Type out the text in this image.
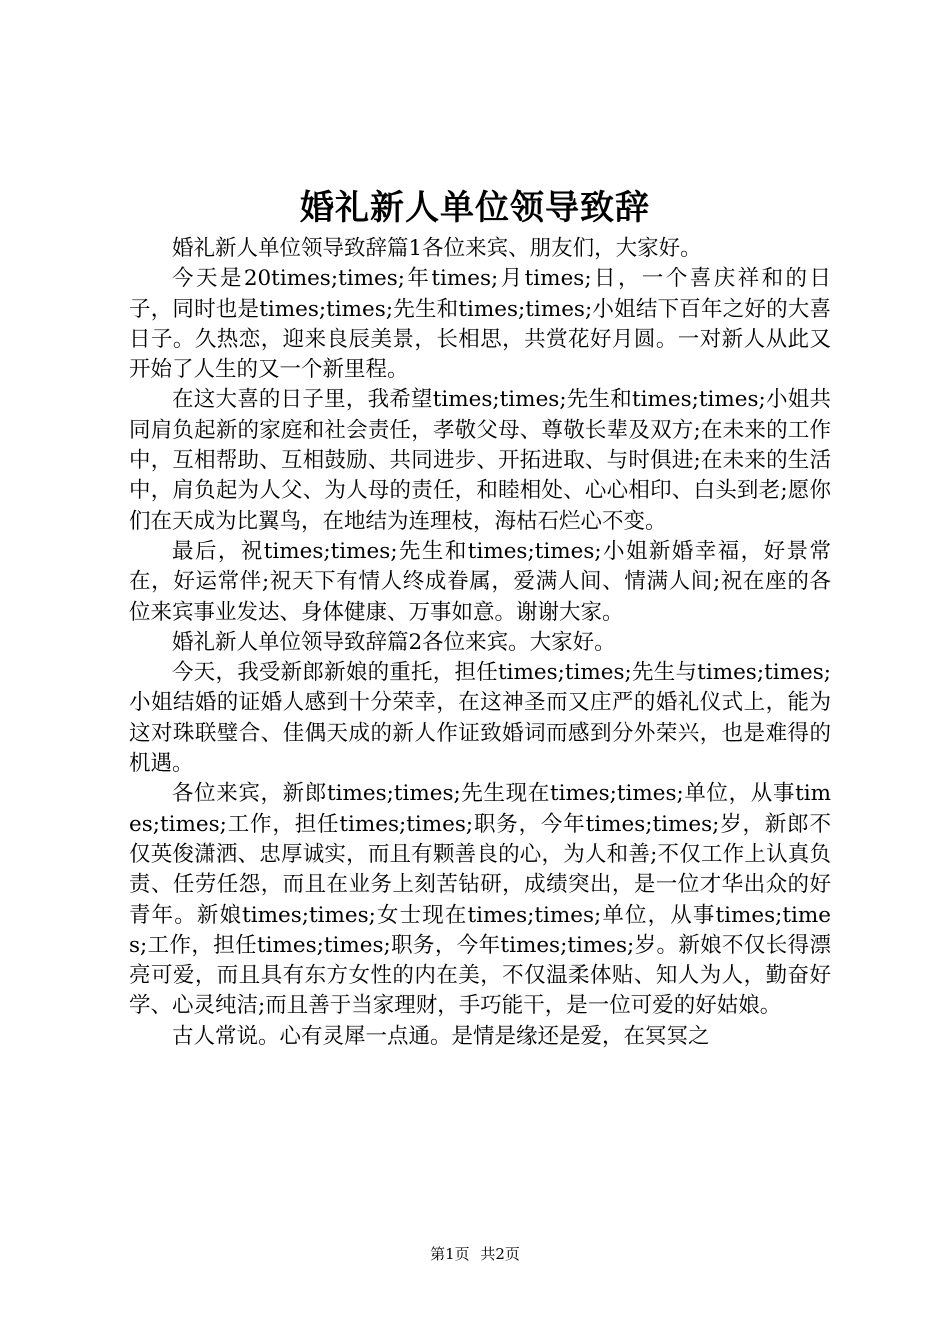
婚礼新人单位领导致辞

婚礼新人单位领导致辞篇1各位来宾、朋友们，大家好。

今天是20times;times;年times;月times;日，一个喜庆祥和的日子，同时也是times;times;先生和times;times;小姐结下百年之好的大喜日子。久热恋，迎来良辰美景，长相思，共赏花好月圆。一对新人从此又开始了人生的又一个新里程。

在这大喜的日子里，我希望times;times;先生和times;times;小姐共同肩负起新的家庭和社会责任，孝敬父母、尊敬长辈及双方;在未来的工作中，互相帮助、互相鼓励、共同进步、开拓进取、与时俱进;在未来的生活中，肩负起为人父、为人母的责任，和睦相处、心心相印、白头到老;愿你们在天成为比翼鸟，在地结为连理枝，海枯石烂心不变。

最后，祝times;times;先生和times;times;小姐新婚幸福，好景常在，好运常伴;祝天下有情人终成眷属，爱满人间、情满人间;祝在座的各位来宾事业发达、身体健康、万事如意。谢谢大家。

婚礼新人单位领导致辞篇2各位来宾。大家好。

今天，我受新郎新娘的重托，担任times;times;先生与times;times;小姐结婚的证婚人感到十分荣幸，在这神圣而又庄严的婚礼仪式上，能为这对珠联璧合、佳偶天成的新人作证致婚词而感到分外荣兴，也是难得的机遇。

各位来宾，新郎times;times;先生现在times;times;单位，从事times;times;工作，担任times;times;职务，今年times;times;岁，新郎不仅英俊潇洒、忠厚诚实，而且有颗善良的心，为人和善;不仅工作上认真负责、任劳任怨，而且在业务上刻苦钻研，成绩突出，是一位才华出众的好青年。新娘times;times;女士现在times;times;单位，从事times;times;工作，担任times;times;职务，今年times;times;岁。新娘不仅长得漂亮可爱，而且具有东方女性的内在美，不仅温柔体贴、知人为人，勤奋好学、心灵纯洁;而且善于当家理财，手巧能干，是一位可爱的好姑娘。

古人常说。心有灵犀一点通。是情是缘还是爱，在冥冥之

第1页 共2页
